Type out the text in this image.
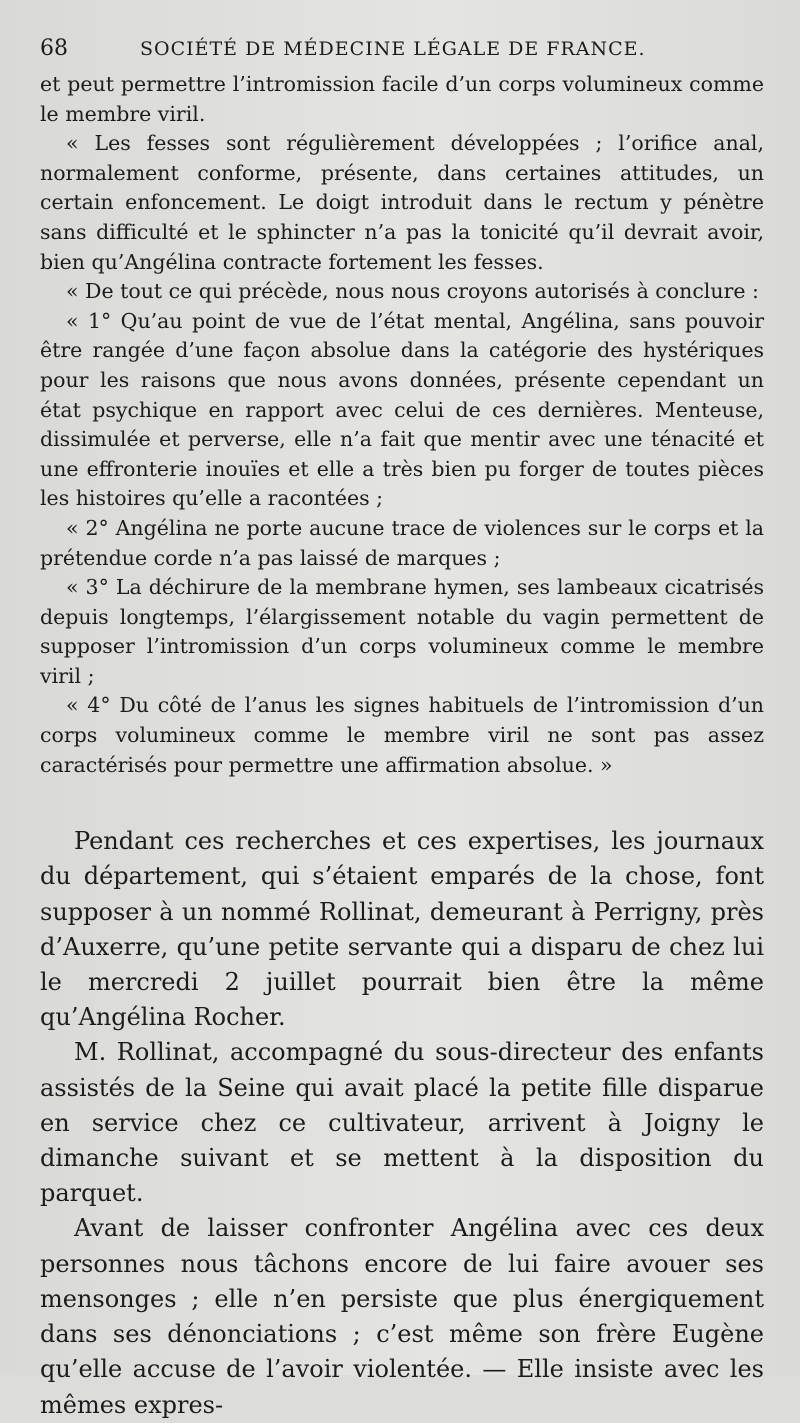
68	SOCIÉTÉ DE MÉDECINE LÉGALE DE FRANCE.

et peut permettre l’intromission facile d’un corps volumineux comme le membre viril.

« Les fesses sont régulièrement développées ; l’orifice anal, normalement conforme, présente, dans certaines attitudes, un certain enfoncement. Le doigt introduit dans le rectum y pénètre sans difficulté et le sphincter n’a pas la tonicité qu’il devrait avoir, bien qu’Angélina contracte fortement les fesses.

« De tout ce qui précède, nous nous croyons autorisés à conclure :

« 1° Qu’au point de vue de l’état mental, Angélina, sans pouvoir être rangée d’une façon absolue dans la catégorie des hystériques pour les raisons que nous avons données, présente cependant un état psychique en rapport avec celui de ces dernières. Menteuse, dissimulée et perverse, elle n’a fait que mentir avec une ténacité et une effronterie inouïes et elle a très bien pu forger de toutes pièces les histoires qu’elle a racontées ;

« 2° Angélina ne porte aucune trace de violences sur le corps et la prétendue corde n’a pas laissé de marques ;

« 3° La déchirure de la membrane hymen, ses lambeaux cicatrisés depuis longtemps, l’élargissement notable du vagin permettent de supposer l’intromission d’un corps volumineux comme le membre viril ;

« 4° Du côté de l’anus les signes habituels de l’intromission d’un corps volumineux comme le membre viril ne sont pas assez caractérisés pour permettre une affirmation absolue. »

Pendant ces recherches et ces expertises, les journaux du département, qui s’étaient emparés de la chose, font supposer à un nommé Rollinat, demeurant à Perrigny, près d’Auxerre, qu’une petite servante qui a disparu de chez lui le mercredi 2 juillet pourrait bien être la même qu’Angélina Rocher.

M. Rollinat, accompagné du sous-directeur des enfants assistés de la Seine qui avait placé la petite fille disparue en service chez ce cultivateur, arrivent à Joigny le dimanche suivant et se mettent à la disposition du parquet.

Avant de laisser confronter Angélina avec ces deux personnes nous tâchons encore de lui faire avouer ses mensonges ; elle n’en persiste que plus énergiquement dans ses dénonciations ; c’est même son frère Eugène qu’elle accuse de l’avoir violentée. — Elle insiste avec les mêmes expres-
